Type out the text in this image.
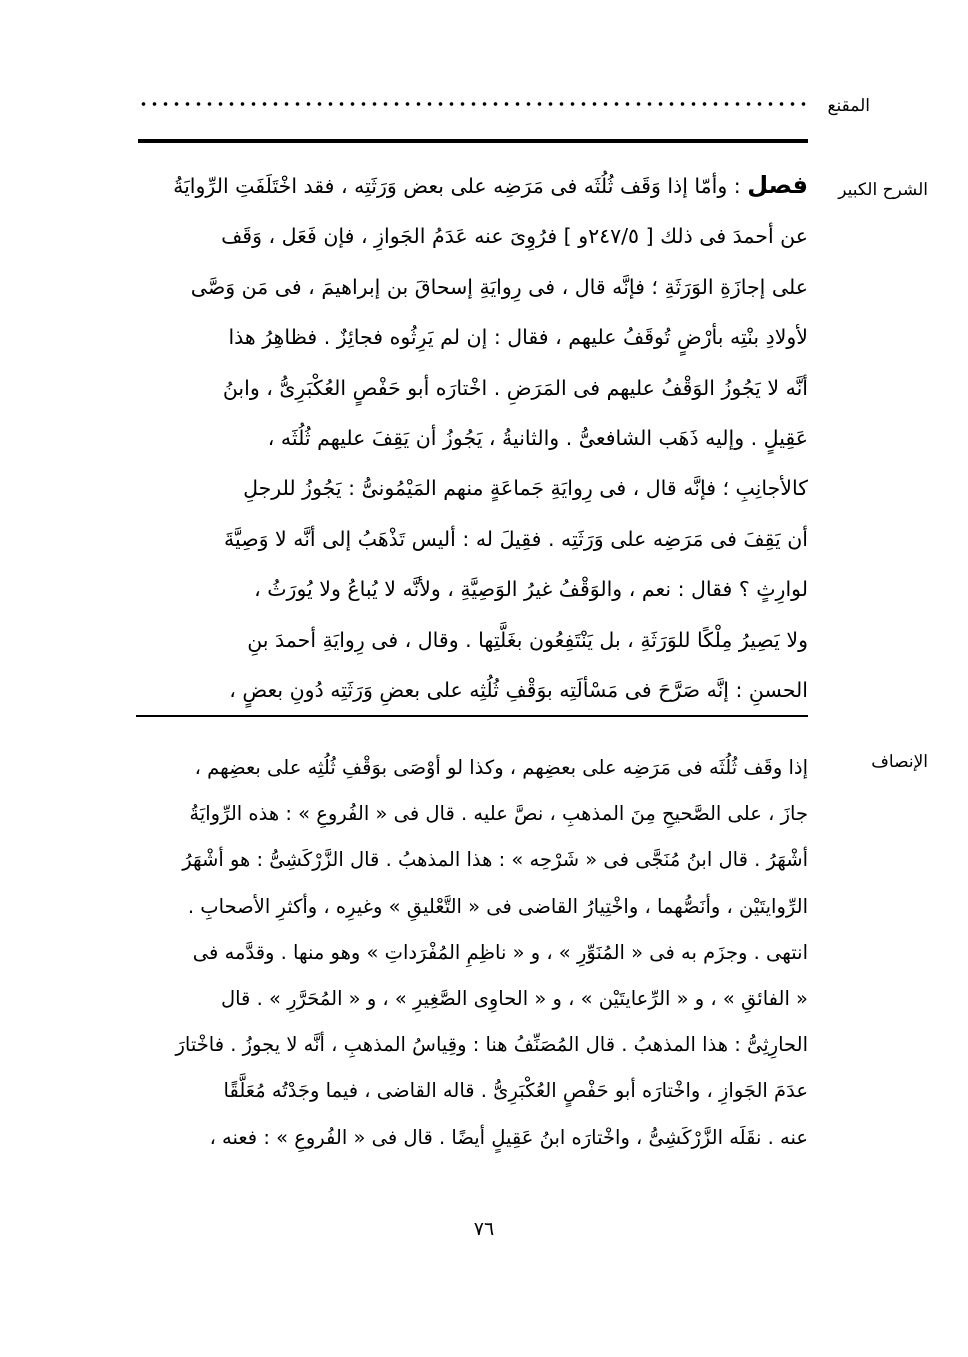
المقنع
الشرح الكبير
فصل : وأمّا إذا وَقَف ثُلُثَه فى مَرَضِه على بعض وَرَثَتِه ، فقد اخْتَلَفَتِ الرِّوايَةُ
عن أحمدَ فى ذلك [ ٢٤٧/٥و ] فرُوِىَ عنه عَدَمُ الجَوازِ ، فإن فَعَل ، وَقَف
على إجازَةِ الوَرَثَةِ ؛ فإنَّه قال ، فى رِوايَةِ إسحاقَ بن إبراهيمَ ، فى مَن وَصَّى
لأولادِ بنْتِه بأرْضٍ تُوقَفُ عليهم ، فقال : إن لم يَرِثُوه فجائِزٌ . فظاهِرُ هذا
أنَّه لا يَجُوزُ الوَقْفُ عليهم فى المَرَضِ . اخْتارَه أبو حَفْصٍ العُكْبَرِىُّ ، وابنُ
عَقِيلٍ . وإليه ذَهَب الشافعىُّ . والثانيةُ ، يَجُوزُ أن يَقِفَ عليهم ثُلُثَه ،
كالأجانِبِ ؛ فإنَّه قال ، فى رِوايَةِ جَماعَةٍ منهم المَيْمُونىُّ : يَجُوزُ للرجلِ
أن يَقِفَ فى مَرَضِه على وَرَثَتِه . فقِيلَ له : أليس تَذْهَبُ إلى أنَّه لا وَصِيَّةَ
لوارِثٍ ؟ فقال : نعم ، والوَقْفُ غيرُ الوَصِيَّةِ ، ولأنَّه لا يُباعُ ولا يُورَثُ ،
ولا يَصِيرُ مِلْكًا للوَرَثَةِ ، بل يَنْتَفِعُون بغَلَّتِها . وقال ، فى رِوايَةِ أحمدَ بنِ
الحسنِ : إنَّه صَرَّحَ فى مَسْألَتِه بوَقْفِ ثُلُثِه على بعضِ وَرَثَتِه دُونِ بعضٍ ،
الإنصاف
إذا وقَف ثُلُثَه فى مَرَضِه على بعضِهم ، وكذا لو أوْصَى بوَقْفِ ثُلُثِه على بعضِهم ،
جازَ ، على الصَّحيحِ مِنَ المذهبِ ، نصَّ عليه . قال فى « الفُروعِ » : هذه الرِّوايَةُ
أشْهَرُ . قال ابنُ مُنَجَّى فى « شَرْحِه » : هذا المذهبُ . قال الزَّرْكَشِىُّ : هو أشْهَرُ
الرِّوايتَيْن ، وأنَصُّهما ، واخْتِيارُ القاضى فى « التَّعْليقِ » وغيرِه ، وأكثرِ الأصحابِ .
انتهى . وجزَم به فى « المُنَوِّرِ » ، و « ناظِمِ المُفْرَداتِ » وهو منها . وقدَّمه فى
« الفائقِ » ، و « الرِّعايتَيْن » ، و « الحاوِى الصَّغِيرِ » ، و « المُحَرَّرِ » . قال
الحارِثِىُّ : هذا المذهبُ . قال المُصَنِّفُ هنا : وقِياسُ المذهبِ ، أنَّه لا يجوزُ . فاخْتارَ
عدَمَ الجَوازِ ، واخْتارَه أبو حَفْصٍ العُكْبَرِىُّ . قاله القاضى ، فيما وجَدْتُه مُعَلَّقًا
عنه . نقَلَه الزَّرْكَشِىُّ ، واخْتارَه ابنُ عَقِيلٍ أيضًا . قال فى « الفُروعِ » : فعنه ،
٧٦
